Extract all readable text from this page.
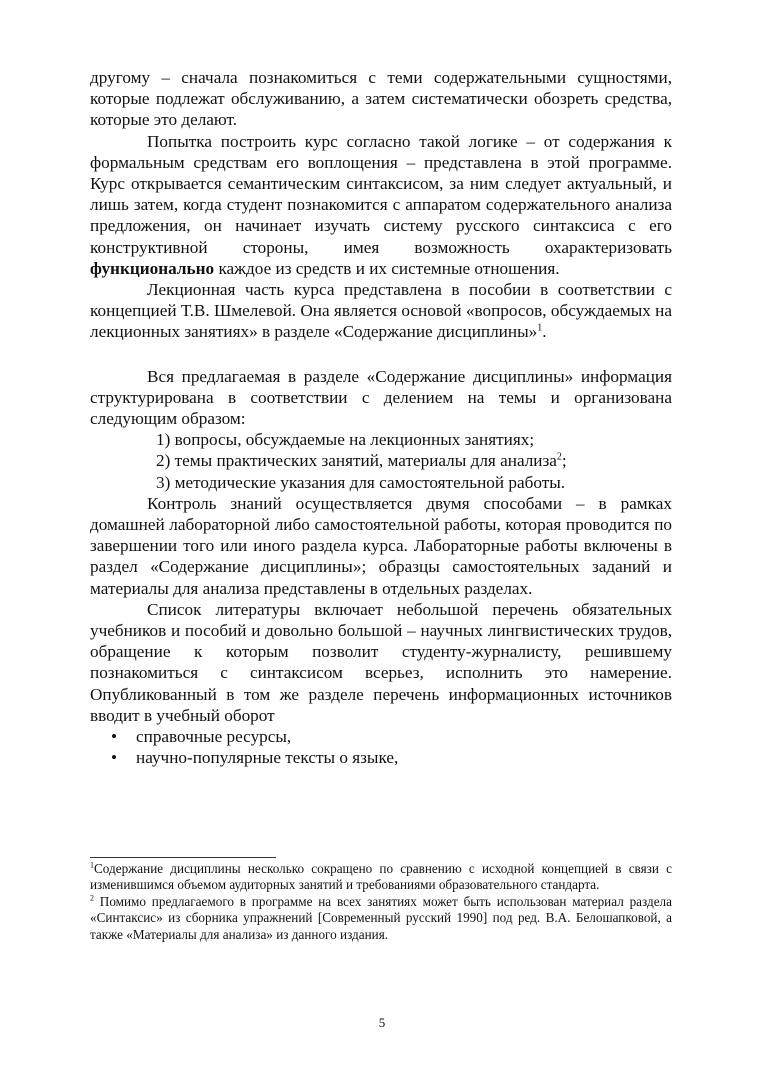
другому – сначала познакомиться с теми содержательными сущностями, которые подлежат обслуживанию, а затем систематически обозреть средства, которые это делают.

Попытка построить курс согласно такой логике – от содержания к формальным средствам его воплощения – представлена в этой программе. Курс открывается семантическим синтаксисом, за ним следует актуальный, и лишь затем, когда студент познакомится с аппаратом содержательного анализа предложения, он начинает изучать систему русского синтаксиса с его конструктивной стороны, имея возможность охарактеризовать функционально каждое из средств и их системные отношения.

Лекционная часть курса представлена в пособии в соответствии с концепцией Т.В. Шмелевой. Она является основой «вопросов, обсуждаемых на лекционных занятиях» в разделе «Содержание дисциплины»$^1$.

Вся предлагаемая в разделе «Содержание дисциплины» информация структурирована в соответствии с делением на темы и организована следующим образом:

1) вопросы, обсуждаемые на лекционных занятиях;

2) темы практических занятий, материалы для анализа$^2$;

3) методические указания для самостоятельной работы.

Контроль знаний осуществляется двумя способами – в рамках домашней лабораторной либо самостоятельной работы, которая проводится по завершении того или иного раздела курса. Лабораторные работы включены в раздел «Содержание дисциплины»; образцы самостоятельных заданий и материалы для анализа представлены в отдельных разделах.

Список литературы включает небольшой перечень обязательных учебников и пособий и довольно большой – научных лингвистических трудов, обращение к которым позволит студенту-журналисту, решившему познакомиться с синтаксисом всерьез, исполнить это намерение. Опубликованный в том же разделе перечень информационных источников вводит в учебный оборот

• справочные ресурсы,

• научно-популярные тексты о языке,

$^1$Содержание дисциплины несколько сокращено по сравнению с исходной концепцией в связи с изменившимся объемом аудиторных занятий и требованиями образовательного стандарта.

$^2$ Помимо предлагаемого в программе на всех занятиях может быть использован материал раздела «Синтаксис» из сборника упражнений [Современный русский 1990] под ред. В.А. Белошапковой, а также «Материалы для анализа» из данного издания.

5
